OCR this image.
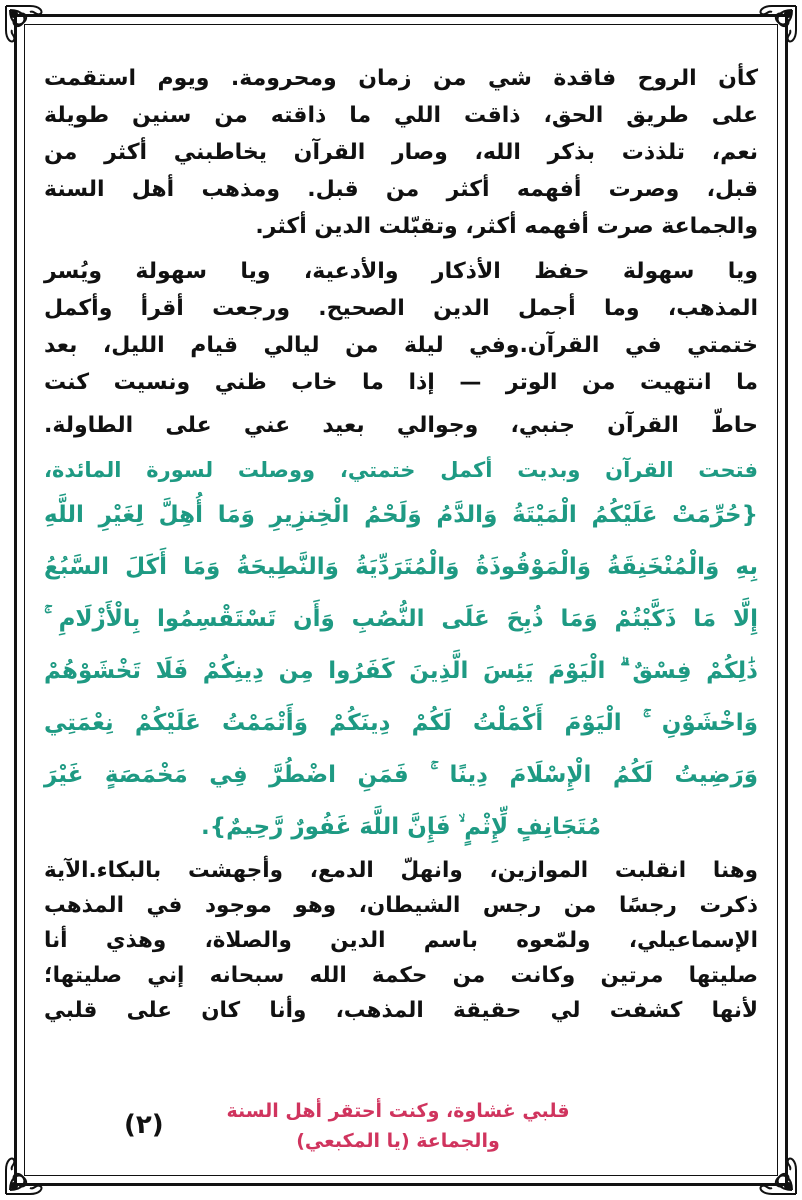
كأن الروح فاقدة شي من زمان ومحرومة. ويوم استقمت
على طريق الحق، ذاقت اللي ما ذاقته من سنين طويلة
نعم، تلذذت بذكر الله، وصار القرآن يخاطبني أكثر من
قبل، وصرت أفهمه أكثر من قبل. ومذهب أهل السنة
والجماعة صرت أفهمه أكثر، وتقبّلت الدين أكثر.
ويا سهولة حفظ الأذكار والأدعية، ويا سهولة ويُسر
المذهب، وما أجمل الدين الصحيح. ورجعت أقرأ وأكمل
ختمتي في القرآن.وفي ليلة من ليالي قيام الليل، بعد
ما انتهيت من الوتر — إذا ما خاب ظني ونسيت كنت
حاطّ القرآن جنبي، وجوالي بعيد عني على الطاولة.
فتحت القرآن وبديت أكمل ختمتي، ووصلت لسورة المائدة،
{حُرِّمَتْ عَلَيْكُمُ الْمَيْتَةُ وَالدَّمُ وَلَحْمُ الْخِنزِيرِ وَمَا أُهِلَّ لِغَيْرِ اللَّهِ
بِهِ وَالْمُنْخَنِقَةُ وَالْمَوْقُوذَةُ وَالْمُتَرَدِّيَةُ وَالنَّطِيحَةُ وَمَا أَكَلَ السَّبُعُ
إِلَّا مَا ذَكَّيْتُمْ وَمَا ذُبِحَ عَلَى النُّصُبِ وَأَن تَسْتَقْسِمُوا بِالْأَزْلَامِ ۚ
ذَٰلِكُمْ فِسْقٌ ۗ الْيَوْمَ يَئِسَ الَّذِينَ كَفَرُوا مِن دِينِكُمْ فَلَا تَخْشَوْهُمْ
وَاخْشَوْنِ ۚ الْيَوْمَ أَكْمَلْتُ لَكُمْ دِينَكُمْ وَأَتْمَمْتُ عَلَيْكُمْ نِعْمَتِي
وَرَضِيتُ لَكُمُ الْإِسْلَامَ دِينًا ۚ فَمَنِ اضْطُرَّ فِي مَخْمَصَةٍ غَيْرَ
مُتَجَانِفٍ لِّإِثْمٍ ۙ فَإِنَّ اللَّهَ غَفُورٌ رَّحِيمٌ}.
وهنا انقلبت الموازين، وانهلّ الدمع، وأجهشت بالبكاء.الآية
ذكرت رجسًا من رجس الشيطان، وهو موجود في المذهب
الإسماعيلي، ولمّعوه باسم الدين والصلاة، وهذي أنا
صليتها مرتين وكانت من حكمة الله سبحانه إني صليتها؛
لأنها كشفت لي حقيقة المذهب، وأنا كان على قلبي
قلبي غشاوة، وكنت أحتقر أهل السنة
والجماعة (يا المكبعي)
(٢)
